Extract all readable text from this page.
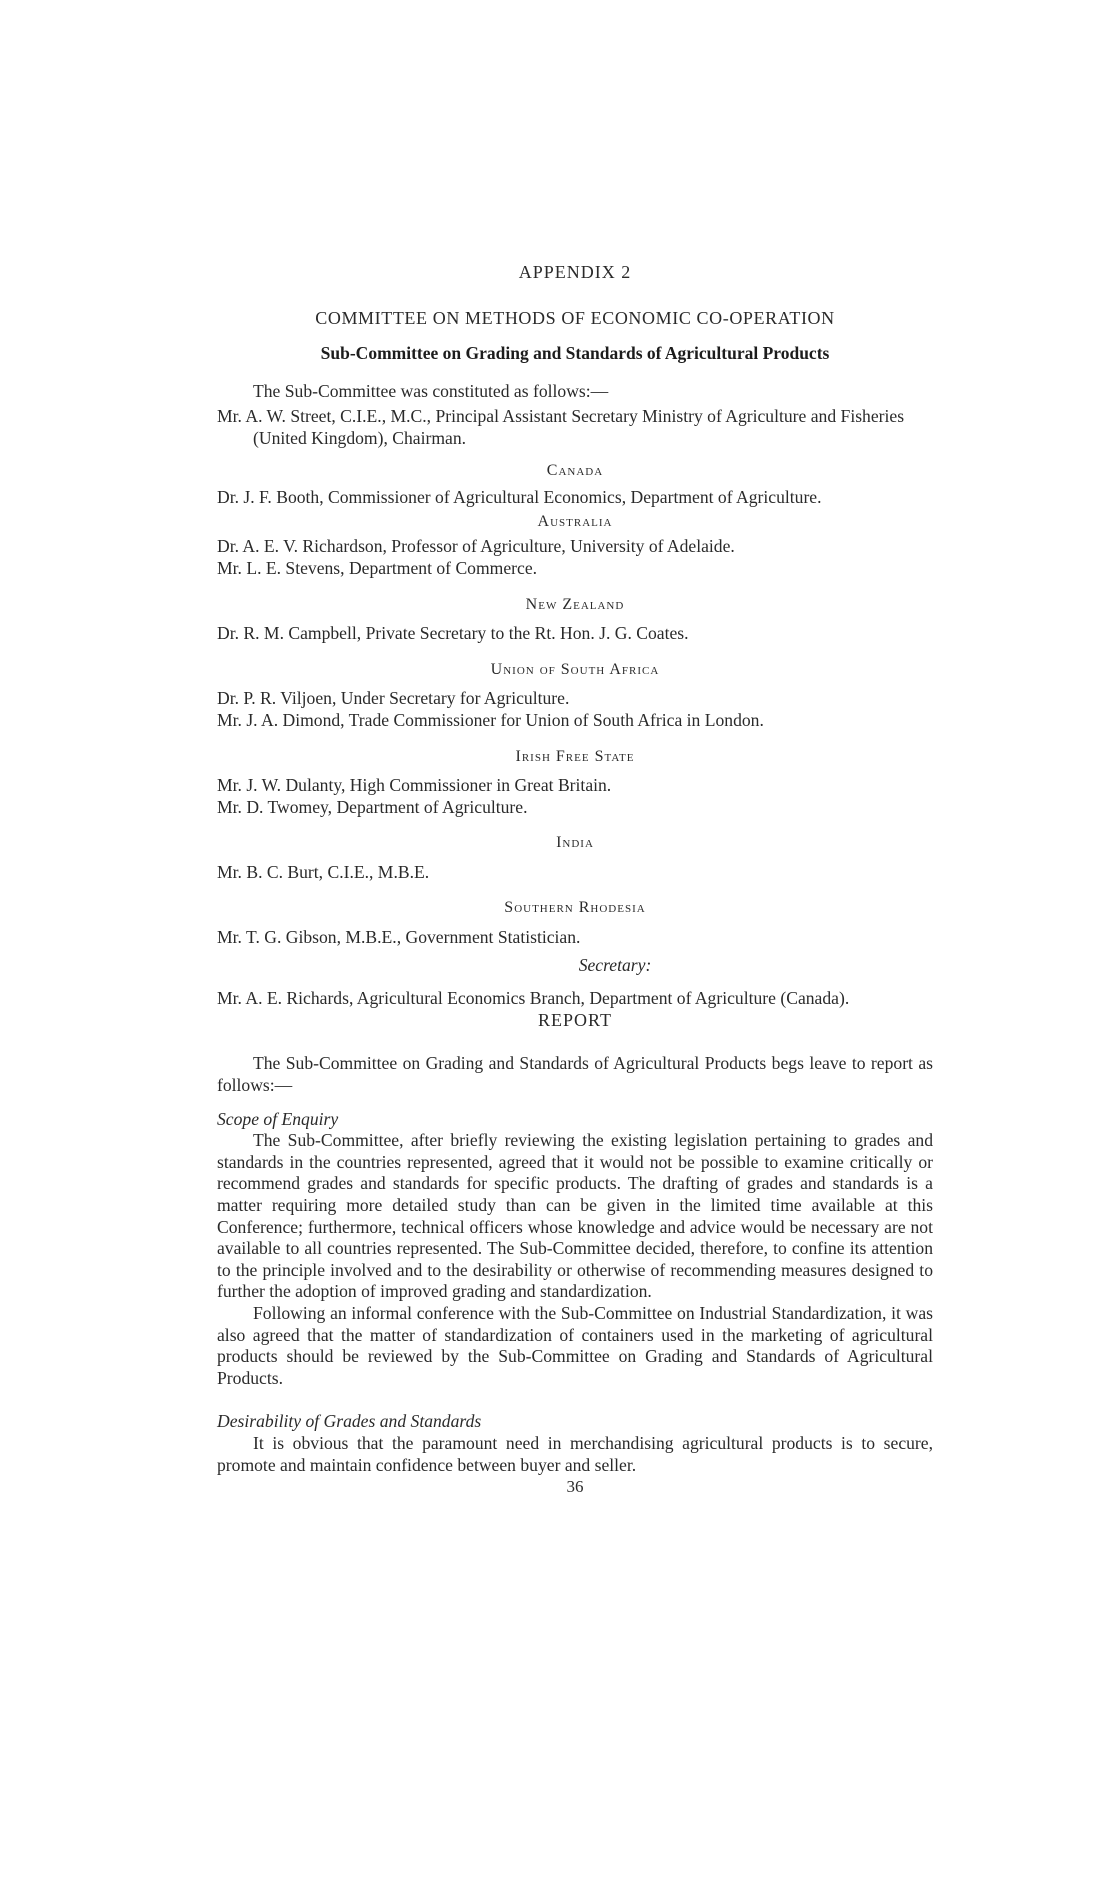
APPENDIX 2
COMMITTEE ON METHODS OF ECONOMIC CO-OPERATION
Sub-Committee on Grading and Standards of Agricultural Products

The Sub-Committee was constituted as follows:—

Mr. A. W. Street, C.I.E., M.C., Principal Assistant Secretary Ministry of Agriculture and Fisheries (United Kingdom), Chairman.

Canada

Dr. J. F. Booth, Commissioner of Agricultural Economics, Department of Agriculture.

Australia

Dr. A. E. V. Richardson, Professor of Agriculture, University of Adelaide.

Mr. L. E. Stevens, Department of Commerce.

New Zealand

Dr. R. M. Campbell, Private Secretary to the Rt. Hon. J. G. Coates.

Union of South Africa

Dr. P. R. Viljoen, Under Secretary for Agriculture.

Mr. J. A. Dimond, Trade Commissioner for Union of South Africa in London.

Irish Free State

Mr. J. W. Dulanty, High Commissioner in Great Britain.

Mr. D. Twomey, Department of Agriculture.

India

Mr. B. C. Burt, C.I.E., M.B.E.

Southern Rhodesia

Mr. T. G. Gibson, M.B.E., Government Statistician.

Secretary:

Mr. A. E. Richards, Agricultural Economics Branch, Department of Agriculture (Canada).

REPORT

The Sub-Committee on Grading and Standards of Agricultural Products begs leave to report as follows:—

Scope of Enquiry

The Sub-Committee, after briefly reviewing the existing legislation pertaining to grades and standards in the countries represented, agreed that it would not be possible to examine critically or recommend grades and standards for specific products. The drafting of grades and standards is a matter requiring more detailed study than can be given in the limited time available at this Conference; furthermore, technical officers whose knowledge and advice would be necessary are not available to all countries represented. The Sub-Committee decided, therefore, to confine its attention to the principle involved and to the desirability or otherwise of recommending measures designed to further the adoption of improved grading and standardization.

Following an informal conference with the Sub-Committee on Industrial Standardization, it was also agreed that the matter of standardization of containers used in the marketing of agricultural products should be reviewed by the Sub-Committee on Grading and Standards of Agricultural Products.

Desirability of Grades and Standards

It is obvious that the paramount need in merchandising agricultural products is to secure, promote and maintain confidence between buyer and seller.

36
